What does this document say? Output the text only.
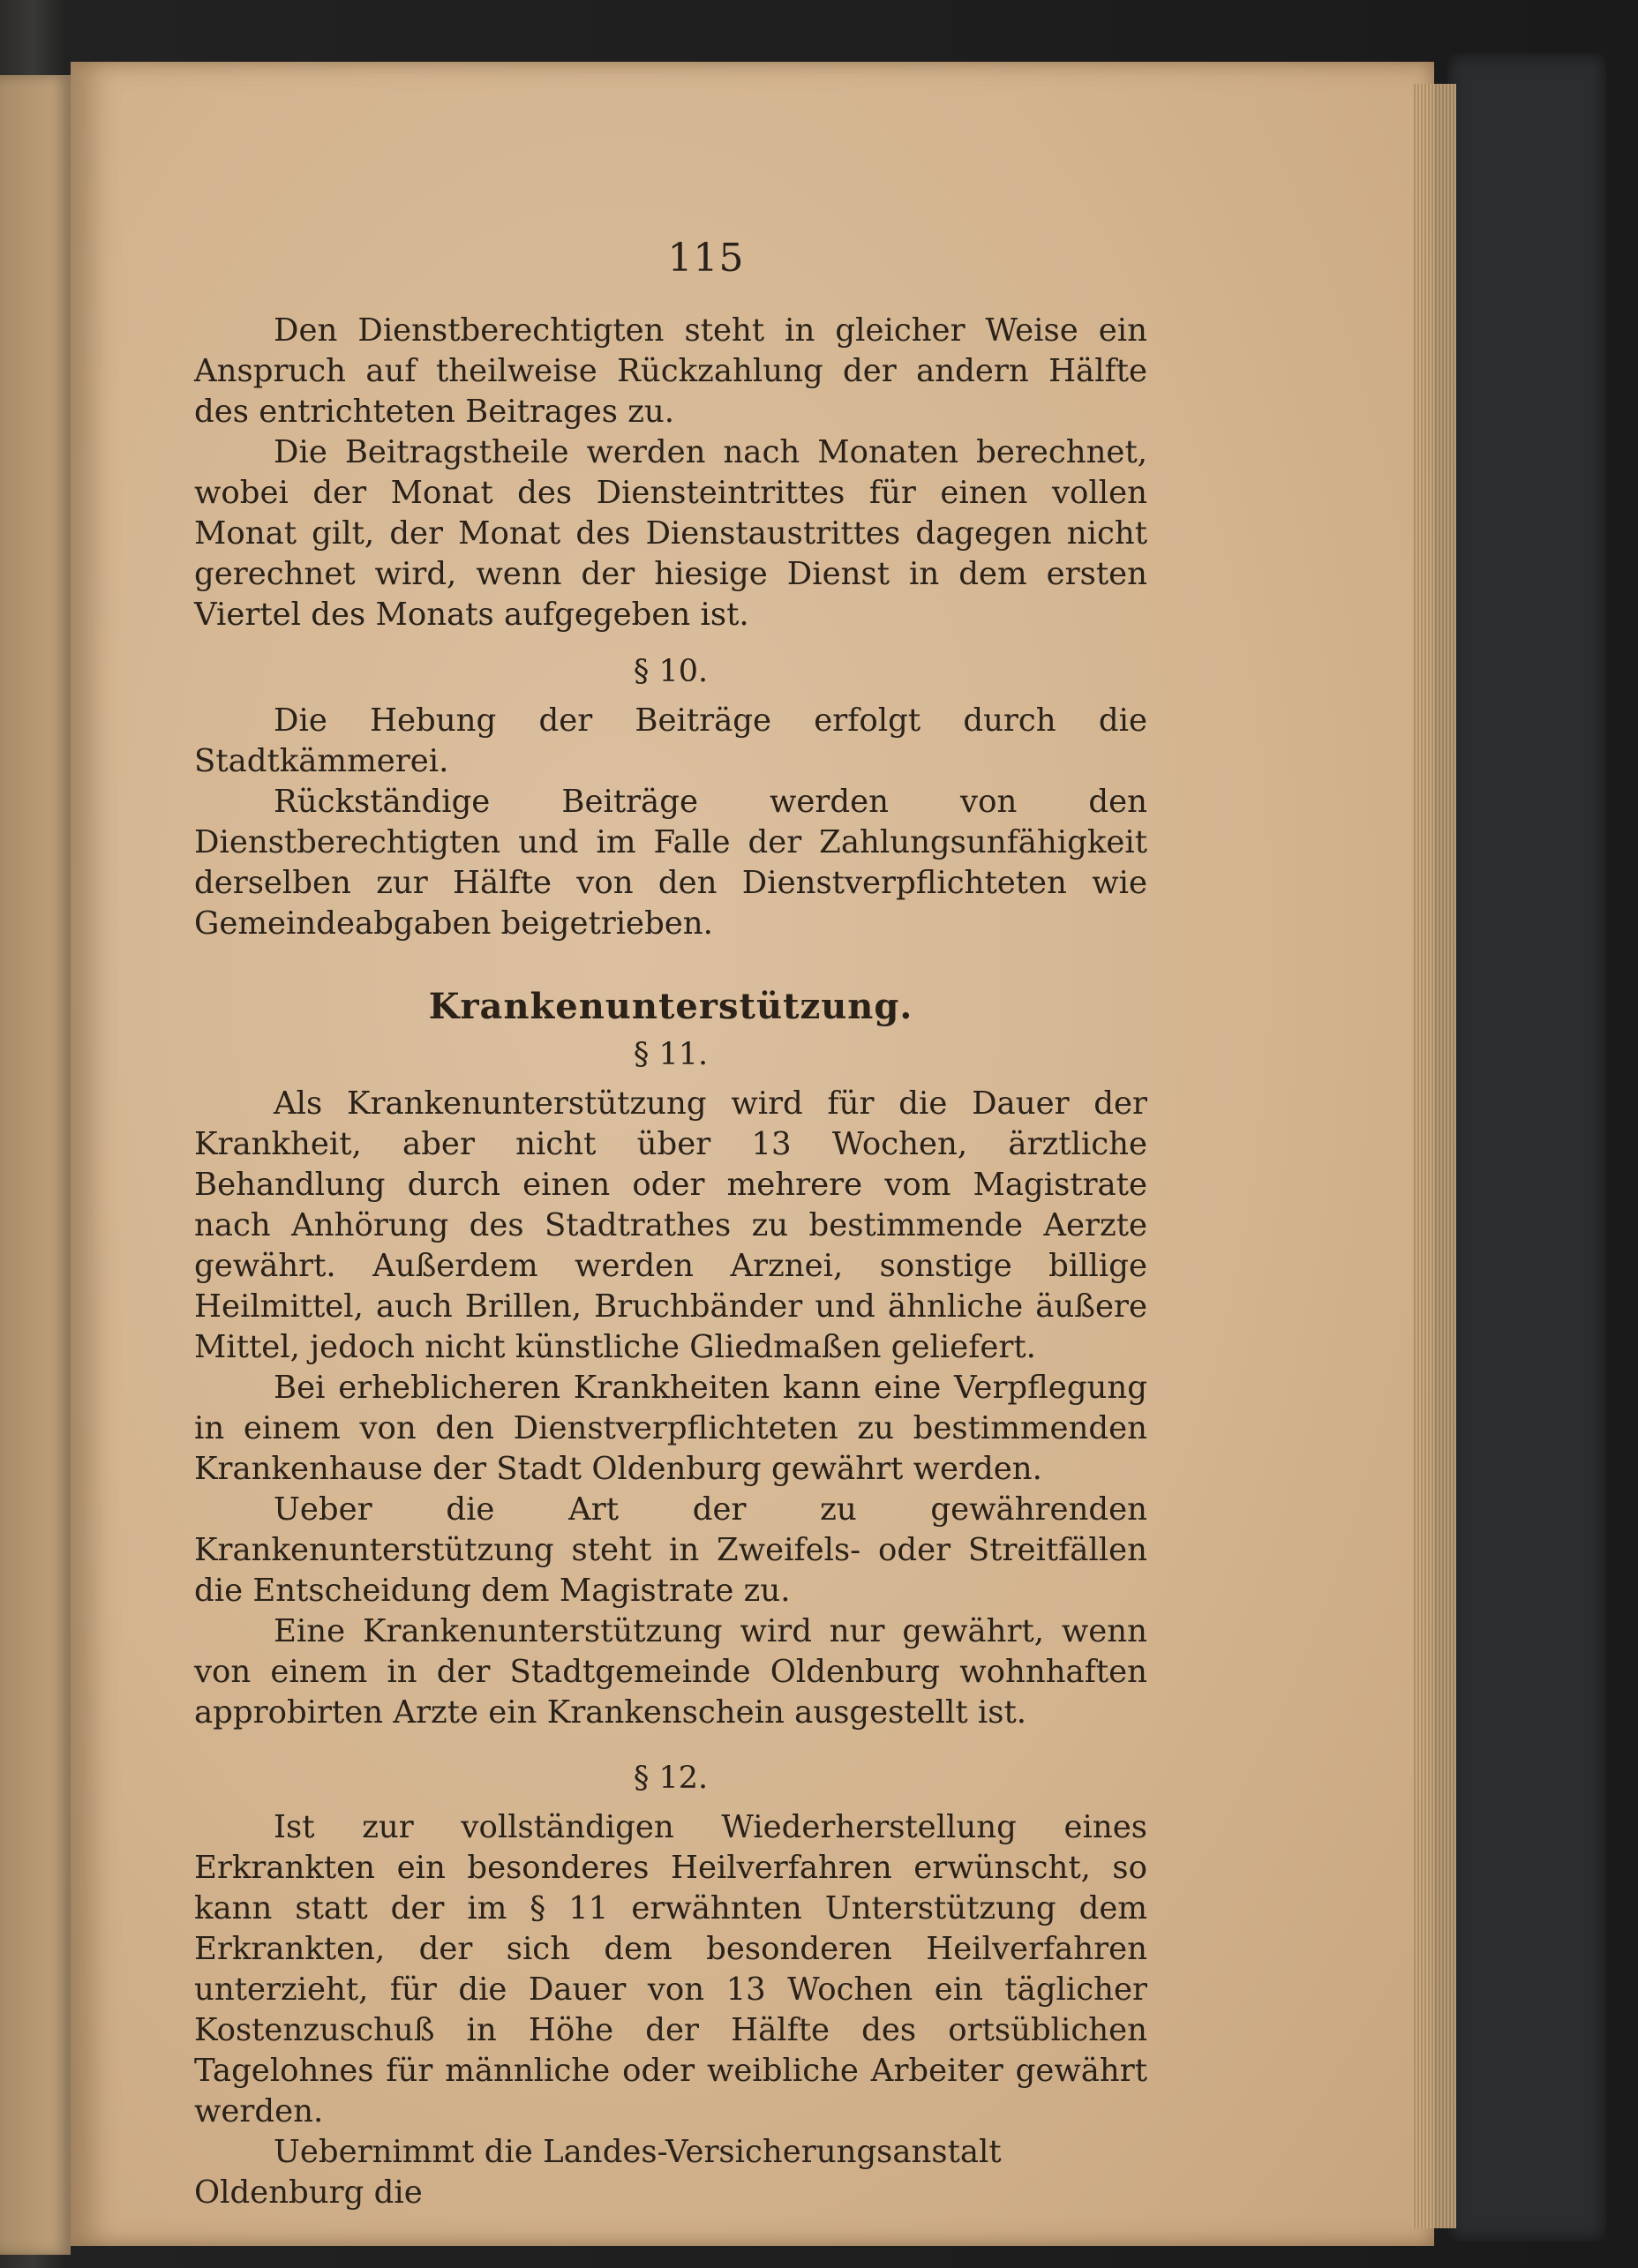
115

Den Dienstberechtigten steht in gleicher Weise ein Anspruch auf theilweise Rückzahlung der andern Hälfte des entrichteten Beitrages zu.

Die Beitragstheile werden nach Monaten berechnet, wobei der Monat des Diensteintrittes für einen vollen Monat gilt, der Monat des Dienstaustrittes dagegen nicht gerechnet wird, wenn der hiesige Dienst in dem ersten Viertel des Monats aufgegeben ist.

§ 10.

Die Hebung der Beiträge erfolgt durch die Stadtkämmerei.

Rückständige Beiträge werden von den Dienstberechtigten und im Falle der Zahlungsunfähigkeit derselben zur Hälfte von den Dienstverpflichteten wie Gemeindeabgaben beigetrieben.

Krankenunterstützung.
§ 11.

Als Krankenunterstützung wird für die Dauer der Krankheit, aber nicht über 13 Wochen, ärztliche Behandlung durch einen oder mehrere vom Magistrate nach Anhörung des Stadtrathes zu bestimmende Aerzte gewährt. Außerdem werden Arznei, sonstige billige Heilmittel, auch Brillen, Bruchbänder und ähnliche äußere Mittel, jedoch nicht künstliche Gliedmaßen geliefert.

Bei erheblicheren Krankheiten kann eine Verpflegung in einem von den Dienstverpflichteten zu bestimmenden Krankenhause der Stadt Oldenburg gewährt werden.

Ueber die Art der zu gewährenden Krankenunterstützung steht in Zweifels- oder Streitfällen die Entscheidung dem Magistrate zu.

Eine Krankenunterstützung wird nur gewährt, wenn von einem in der Stadtgemeinde Oldenburg wohnhaften approbirten Arzte ein Krankenschein ausgestellt ist.

§ 12.

Ist zur vollständigen Wiederherstellung eines Erkrankten ein besonderes Heilverfahren erwünscht, so kann statt der im § 11 erwähnten Unterstützung dem Erkrankten, der sich dem besonderen Heilverfahren unterzieht, für die Dauer von 13 Wochen ein täglicher Kostenzuschuß in Höhe der Hälfte des ortsüblichen Tagelohnes für männliche oder weibliche Arbeiter gewährt werden.

Uebernimmt die Landes-Versicherungsanstalt Oldenburg die
